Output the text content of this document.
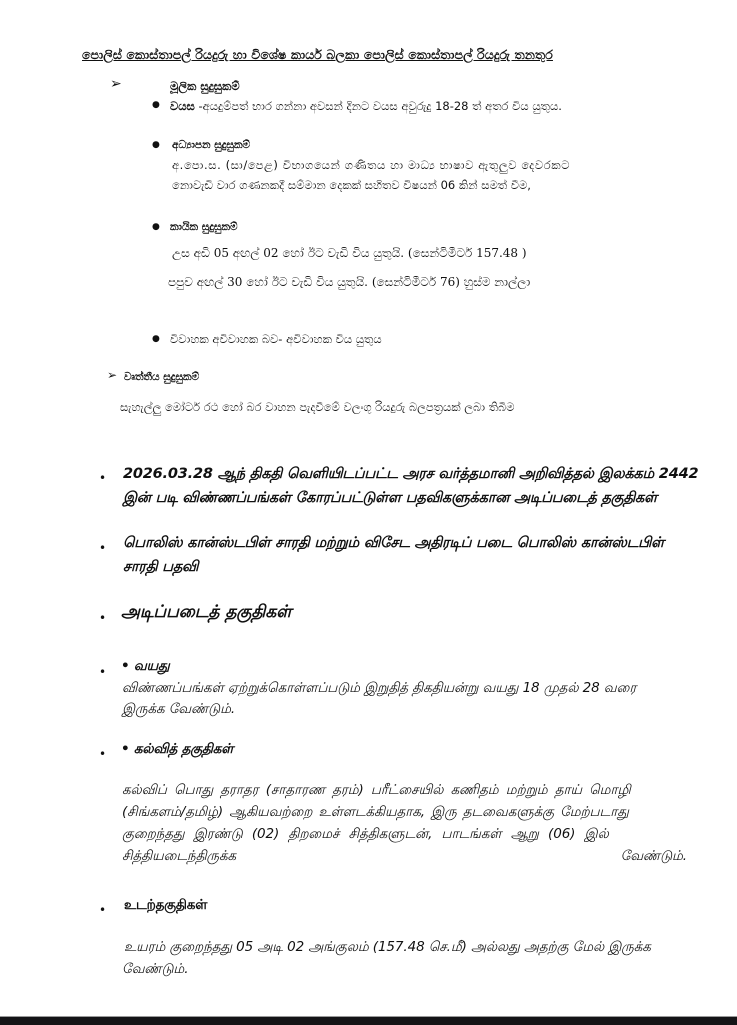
පොලිස් කොස්තාපල් රියදුරු හා විශේෂ කාර්ය බලකා පොලිස් කොස්තාපල් රියදුරු තනතුර
➢	මූලික සුදුසුකම්
● වයස -අයදුම්පත් භාර ගන්නා අවසන් දිනට වයස අවුරුදු 18-28 ත් අතර විය යුතුය.
● අධ්‍යාපන සුදුසුකම්
අ.පො.ස. (සා/පෙළ) විභාගයෙන් ගණිතය හා මාධ්‍ය භාෂාව ඇතුලුව දෙවරකට
නොවැඩි වාර ගණනකදී සම්මාන දෙකක් සහිතව විෂයන් 06 කින් සමත් වීම,
● කායික සුදුසුකම්
උස අඩි 05 අඟල් 02 හෝ ඊට වැඩි විය යුතුයි. (සෙන්ටිමීටර් 157.48 )
පපුව අඟල් 30 හෝ ඊට වැඩි විය යුතුයි. (සෙන්ටිමීටර් 76) හුස්ම නාල්ලා
● විවාහක අවිවාහක බව- අවිවාහක විය යුතුය
➢ වෘත්තීය සුදුසුකම්
සැහැල්ලු මෝටර් රථ හෝ බර වාහන පැදවීමේ වලංගු රියදුරු බලපත්‍රයක් ලබා තිබීම
• 2026.03.28 ஆந் திகதி வெளியிடப்பட்ட அரச வர்த்தமானி அறிவித்தல் இலக்கம் 2442
இன் படி விண்ணப்பங்கள் கோரப்பட்டுள்ள பதவிகளுக்கான அடிப்படைத் தகுதிகள்
• பொலிஸ் கான்ஸ்டபிள் சாரதி மற்றும் விசேட அதிரடிப் படை பொலிஸ் கான்ஸ்டபிள்
சாரதி பதவி
• அடிப்படைத் தகுதிகள்
• • வயது
விண்ணப்பங்கள் ஏற்றுக்கொள்ளப்படும் இறுதித் திகதியன்று வயது 18 முதல் 28 வரை
இருக்க வேண்டும்.
• • கல்வித் தகுதிகள்
கல்விப் பொது தராதர (சாதாரண தரம்) பரீட்சையில் கணிதம் மற்றும் தாய் மொழி
(சிங்களம்/தமிழ்) ஆகியவற்றை உள்ளடக்கியதாக, இரு தடவைகளுக்கு மேற்படாது
குறைந்தது இரண்டு (02) திறமைச் சித்திகளுடன், பாடங்கள் ஆறு (06) இல்
சித்தியடைந்திருக்க	வேண்டும்.
• உடற்தகுதிகள்
உயரம் குறைந்தது 05 அடி 02 அங்குலம் (157.48 செ.மீ) அல்லது அதற்கு மேல் இருக்க
வேண்டும்.
